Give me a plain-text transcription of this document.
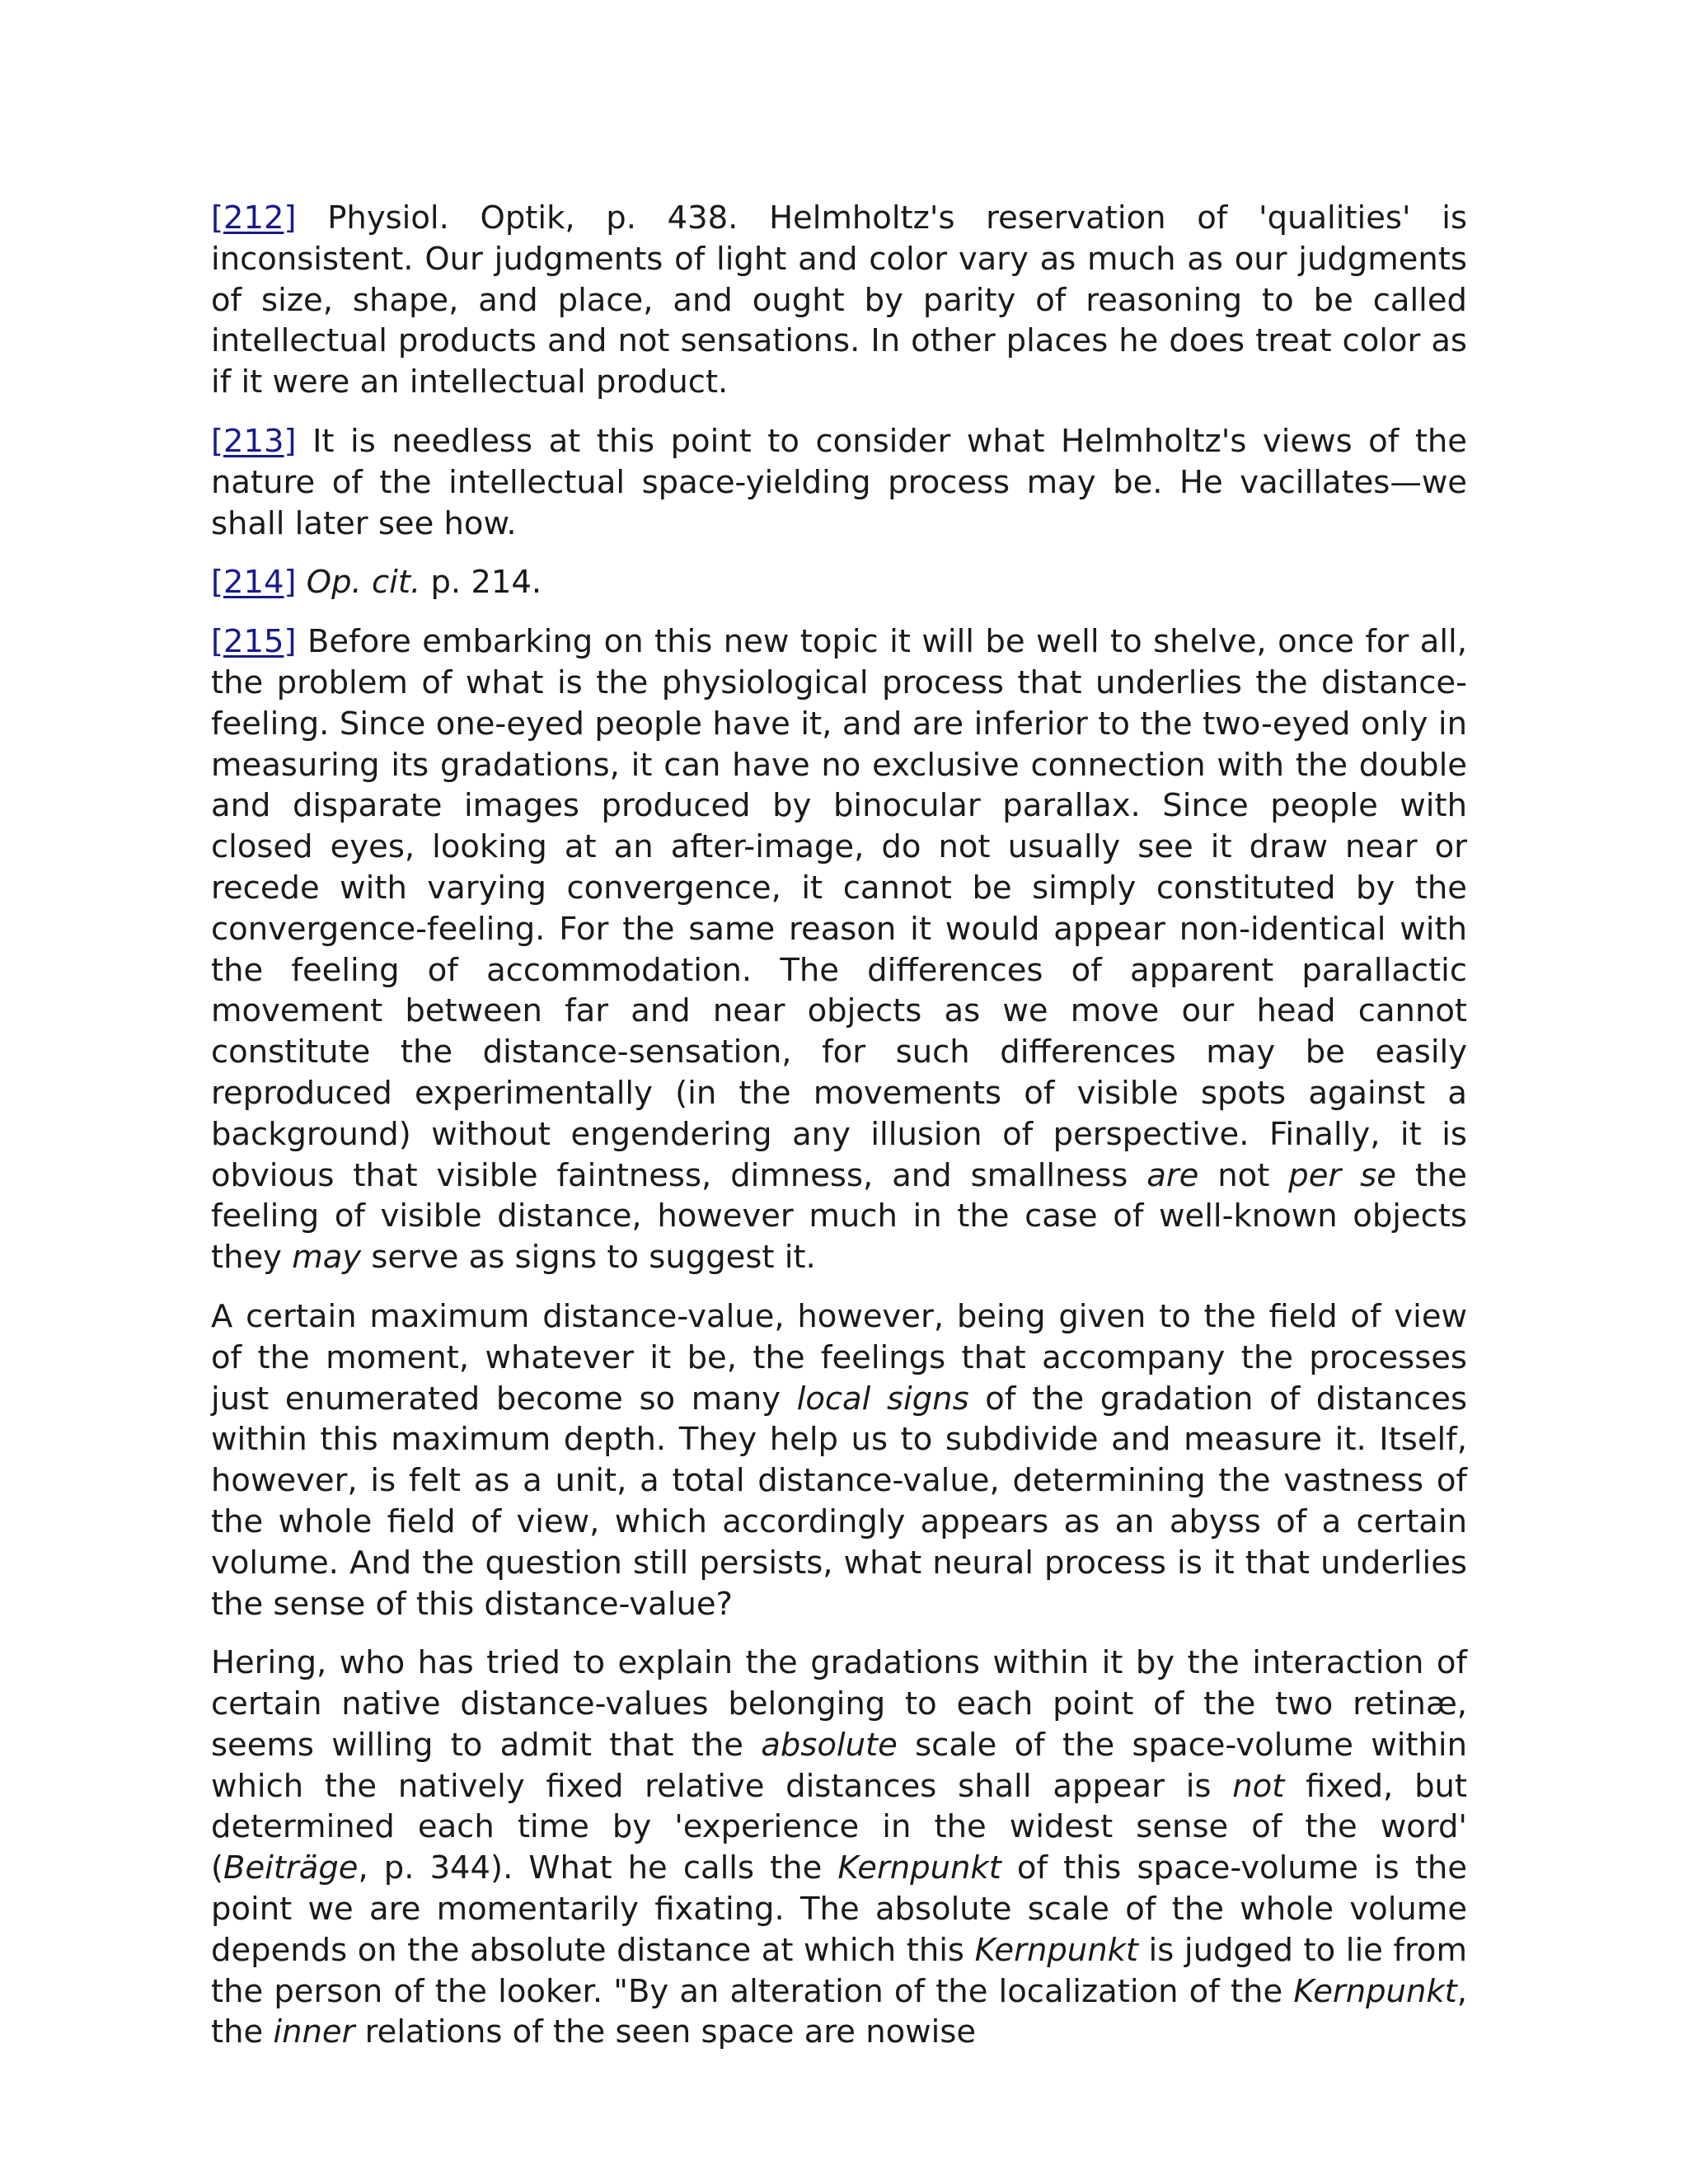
[212] Physiol. Optik, p. 438. Helmholtz's reservation of 'qualities' is inconsistent. Our judgments of light and color vary as much as our judgments of size, shape, and place, and ought by parity of reasoning to be called intellectual products and not sensations. In other places he does treat color as if it were an intellectual product.

[213] It is needless at this point to consider what Helmholtz's views of the nature of the intellectual space-yielding process may be. He vacillates—we shall later see how.

[214] Op. cit. p. 214.

[215] Before embarking on this new topic it will be well to shelve, once for all, the problem of what is the physiological process that underlies the distance-feeling. Since one-eyed people have it, and are inferior to the two-eyed only in measuring its gradations, it can have no exclusive connection with the double and disparate images produced by binocular parallax. Since people with closed eyes, looking at an after-image, do not usually see it draw near or recede with varying convergence, it cannot be simply constituted by the convergence-feeling. For the same reason it would appear non-identical with the feeling of accommodation. The differences of apparent parallactic movement between far and near objects as we move our head cannot constitute the distance-sensation, for such differences may be easily reproduced experimentally (in the movements of visible spots against a background) without engendering any illusion of perspective. Finally, it is obvious that visible faintness, dimness, and smallness are not per se the feeling of visible distance, however much in the case of well-known objects they may serve as signs to suggest it.

A certain maximum distance-value, however, being given to the field of view of the moment, whatever it be, the feelings that accompany the processes just enumerated become so many local signs of the gradation of distances within this maximum depth. They help us to subdivide and measure it. Itself, however, is felt as a unit, a total distance-value, determining the vastness of the whole field of view, which accordingly appears as an abyss of a certain volume. And the question still persists, what neural process is it that underlies the sense of this distance-value?

Hering, who has tried to explain the gradations within it by the interaction of certain native distance-values belonging to each point of the two retinæ, seems willing to admit that the absolute scale of the space-volume within which the natively fixed relative distances shall appear is not fixed, but determined each time by 'experience in the widest sense of the word' (Beiträge, p. 344). What he calls the Kernpunkt of this space-volume is the point we are momentarily fixating. The absolute scale of the whole volume depends on the absolute distance at which this Kernpunkt is judged to lie from the person of the looker. "By an alteration of the localization of the Kernpunkt, the inner relations of the seen space are nowise
